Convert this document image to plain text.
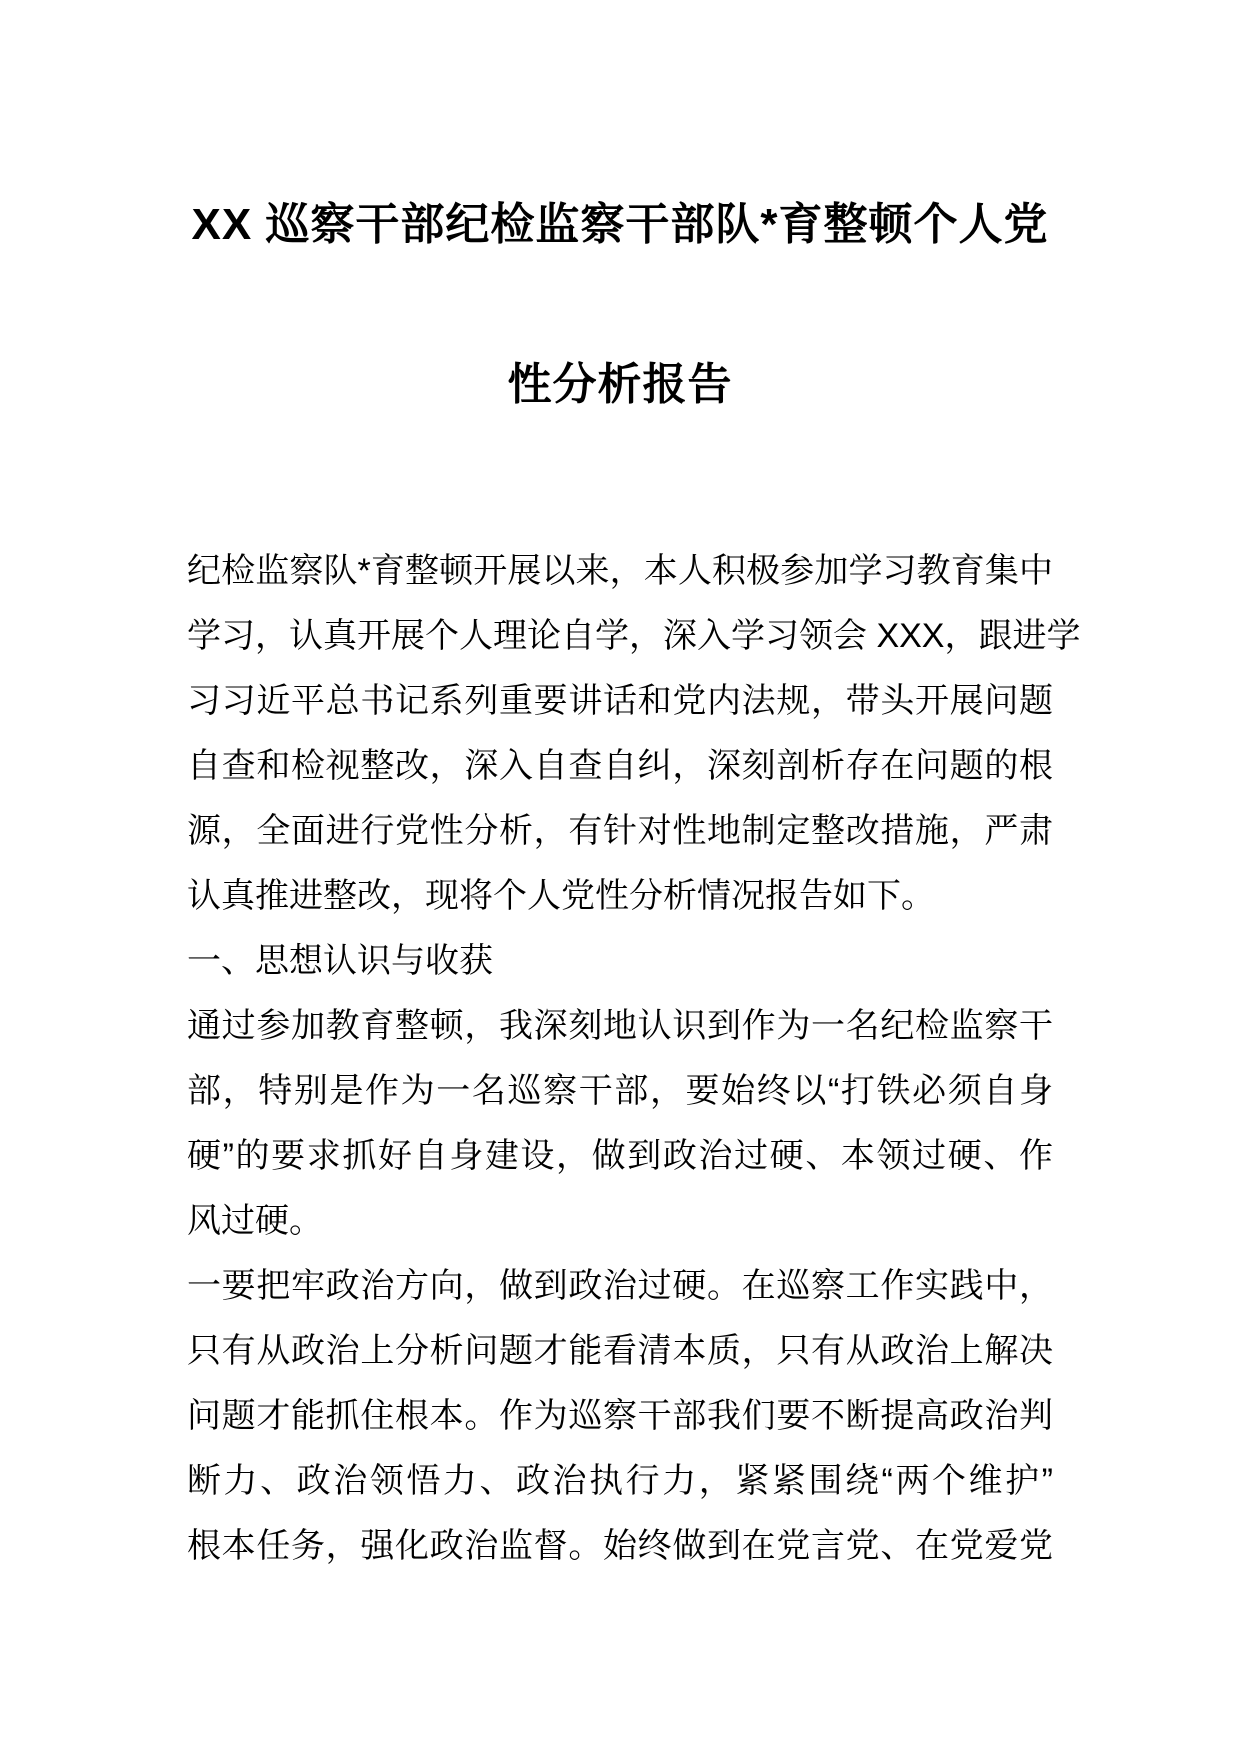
XX 巡察干部纪检监察干部队*育整顿个人党
性分析报告
纪检监察队*育整顿开展以来，本人积极参加学习教育集中
学习，认真开展个人理论自学，深入学习领会 XXX，跟进学
习习近平总书记系列重要讲话和党内法规，带头开展问题
自查和检视整改，深入自查自纠，深刻剖析存在问题的根
源，全面进行党性分析，有针对性地制定整改措施，严肃
认真推进整改，现将个人党性分析情况报告如下。
一、思想认识与收获
通过参加教育整顿，我深刻地认识到作为一名纪检监察干
部，特别是作为一名巡察干部，要始终以“打铁必须自身
硬”的要求抓好自身建设，做到政治过硬、本领过硬、作
风过硬。
一要把牢政治方向，做到政治过硬。在巡察工作实践中，
只有从政治上分析问题才能看清本质，只有从政治上解决
问题才能抓住根本。作为巡察干部我们要不断提高政治判
断力、政治领悟力、政治执行力，紧紧围绕“两个维护”
根本任务，强化政治监督。始终做到在党言党、在党爱党
